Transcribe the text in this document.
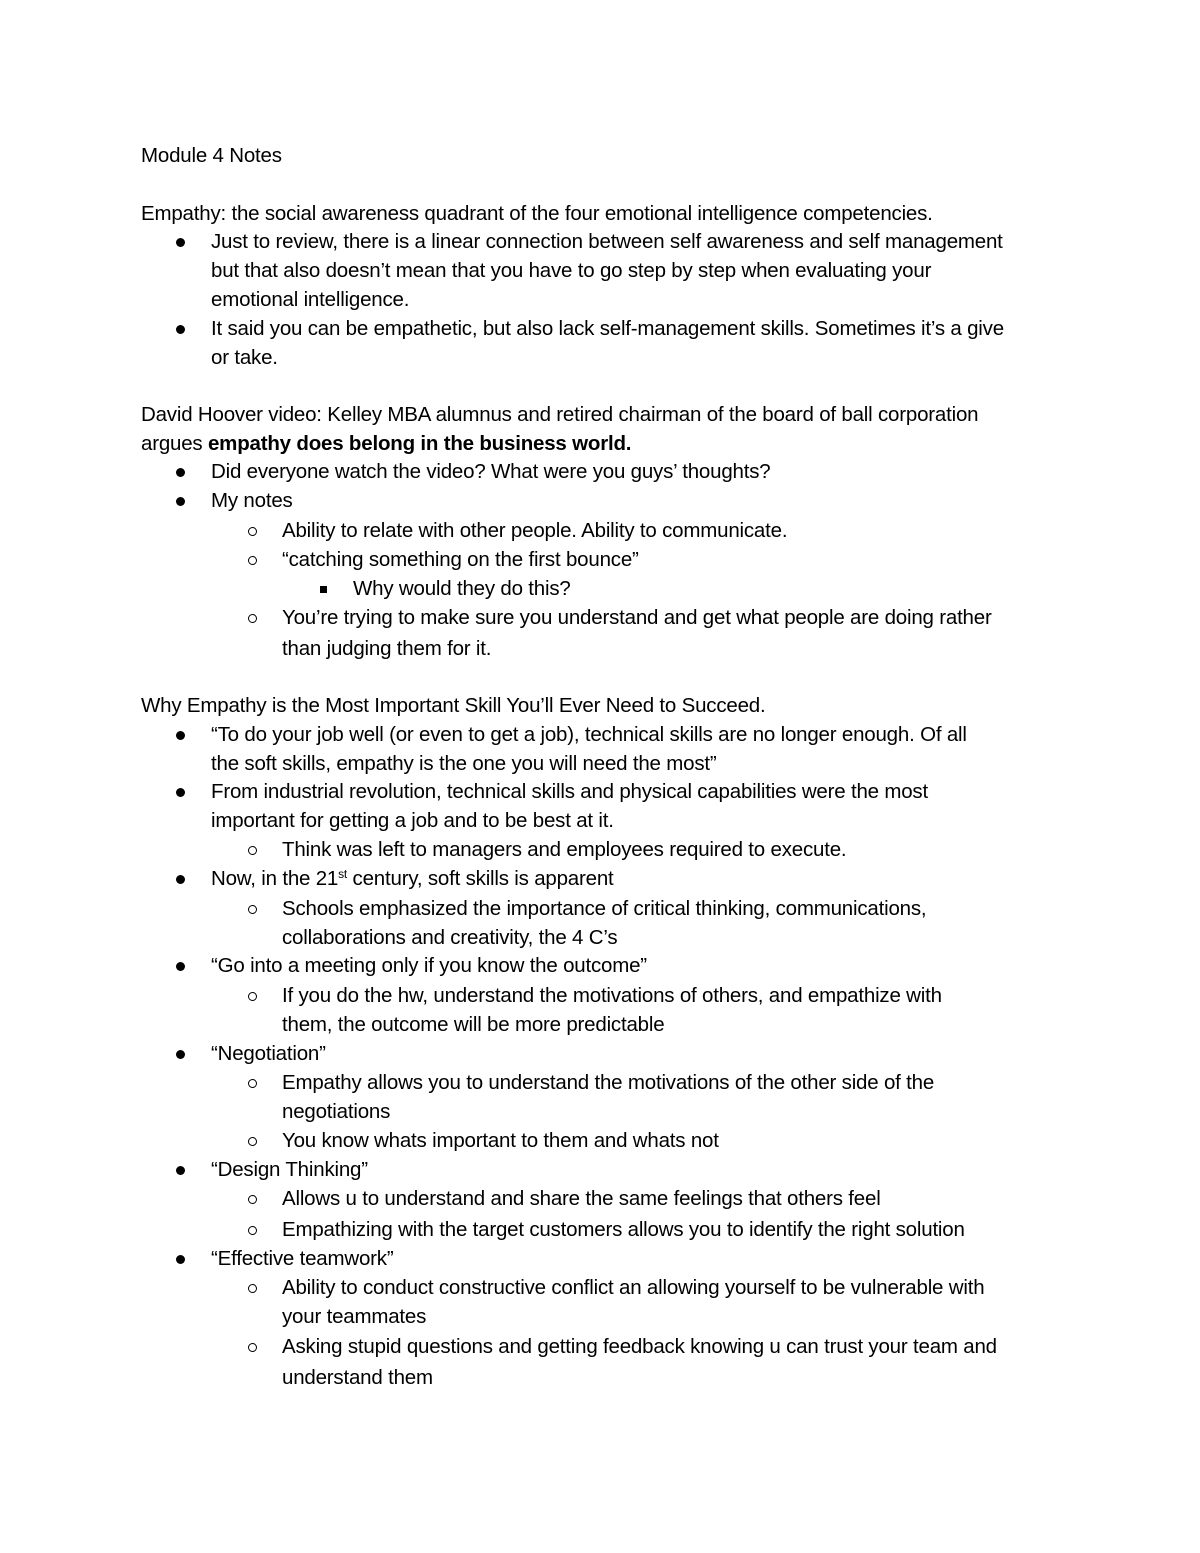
Module 4 Notes
Empathy: the social awareness quadrant of the four emotional intelligence competencies.
Just to review, there is a linear connection between self awareness and self management
but that also doesn’t mean that you have to go step by step when evaluating your
emotional intelligence.
It said you can be empathetic, but also lack self-management skills. Sometimes it’s a give
or take.
David Hoover video: Kelley MBA alumnus and retired chairman of the board of ball corporation
argues empathy does belong in the business world.
Did everyone watch the video? What were you guys’ thoughts?
My notes
Ability to relate with other people. Ability to communicate.
“catching something on the first bounce”
Why would they do this?
You’re trying to make sure you understand and get what people are doing rather
than judging them for it.
Why Empathy is the Most Important Skill You’ll Ever Need to Succeed.
“To do your job well (or even to get a job), technical skills are no longer enough. Of all
the soft skills, empathy is the one you will need the most”
From industrial revolution, technical skills and physical capabilities were the most
important for getting a job and to be best at it.
Think was left to managers and employees required to execute.
Now, in the 21st century, soft skills is apparent
Schools emphasized the importance of critical thinking, communications,
collaborations and creativity, the 4 C’s
“Go into a meeting only if you know the outcome”
If you do the hw, understand the motivations of others, and empathize with
them, the outcome will be more predictable
“Negotiation”
Empathy allows you to understand the motivations of the other side of the
negotiations
You know whats important to them and whats not
“Design Thinking”
Allows u to understand and share the same feelings that others feel
Empathizing with the target customers allows you to identify the right solution
“Effective teamwork”
Ability to conduct constructive conflict an allowing yourself to be vulnerable with
your teammates
Asking stupid questions and getting feedback knowing u can trust your team and
understand them
